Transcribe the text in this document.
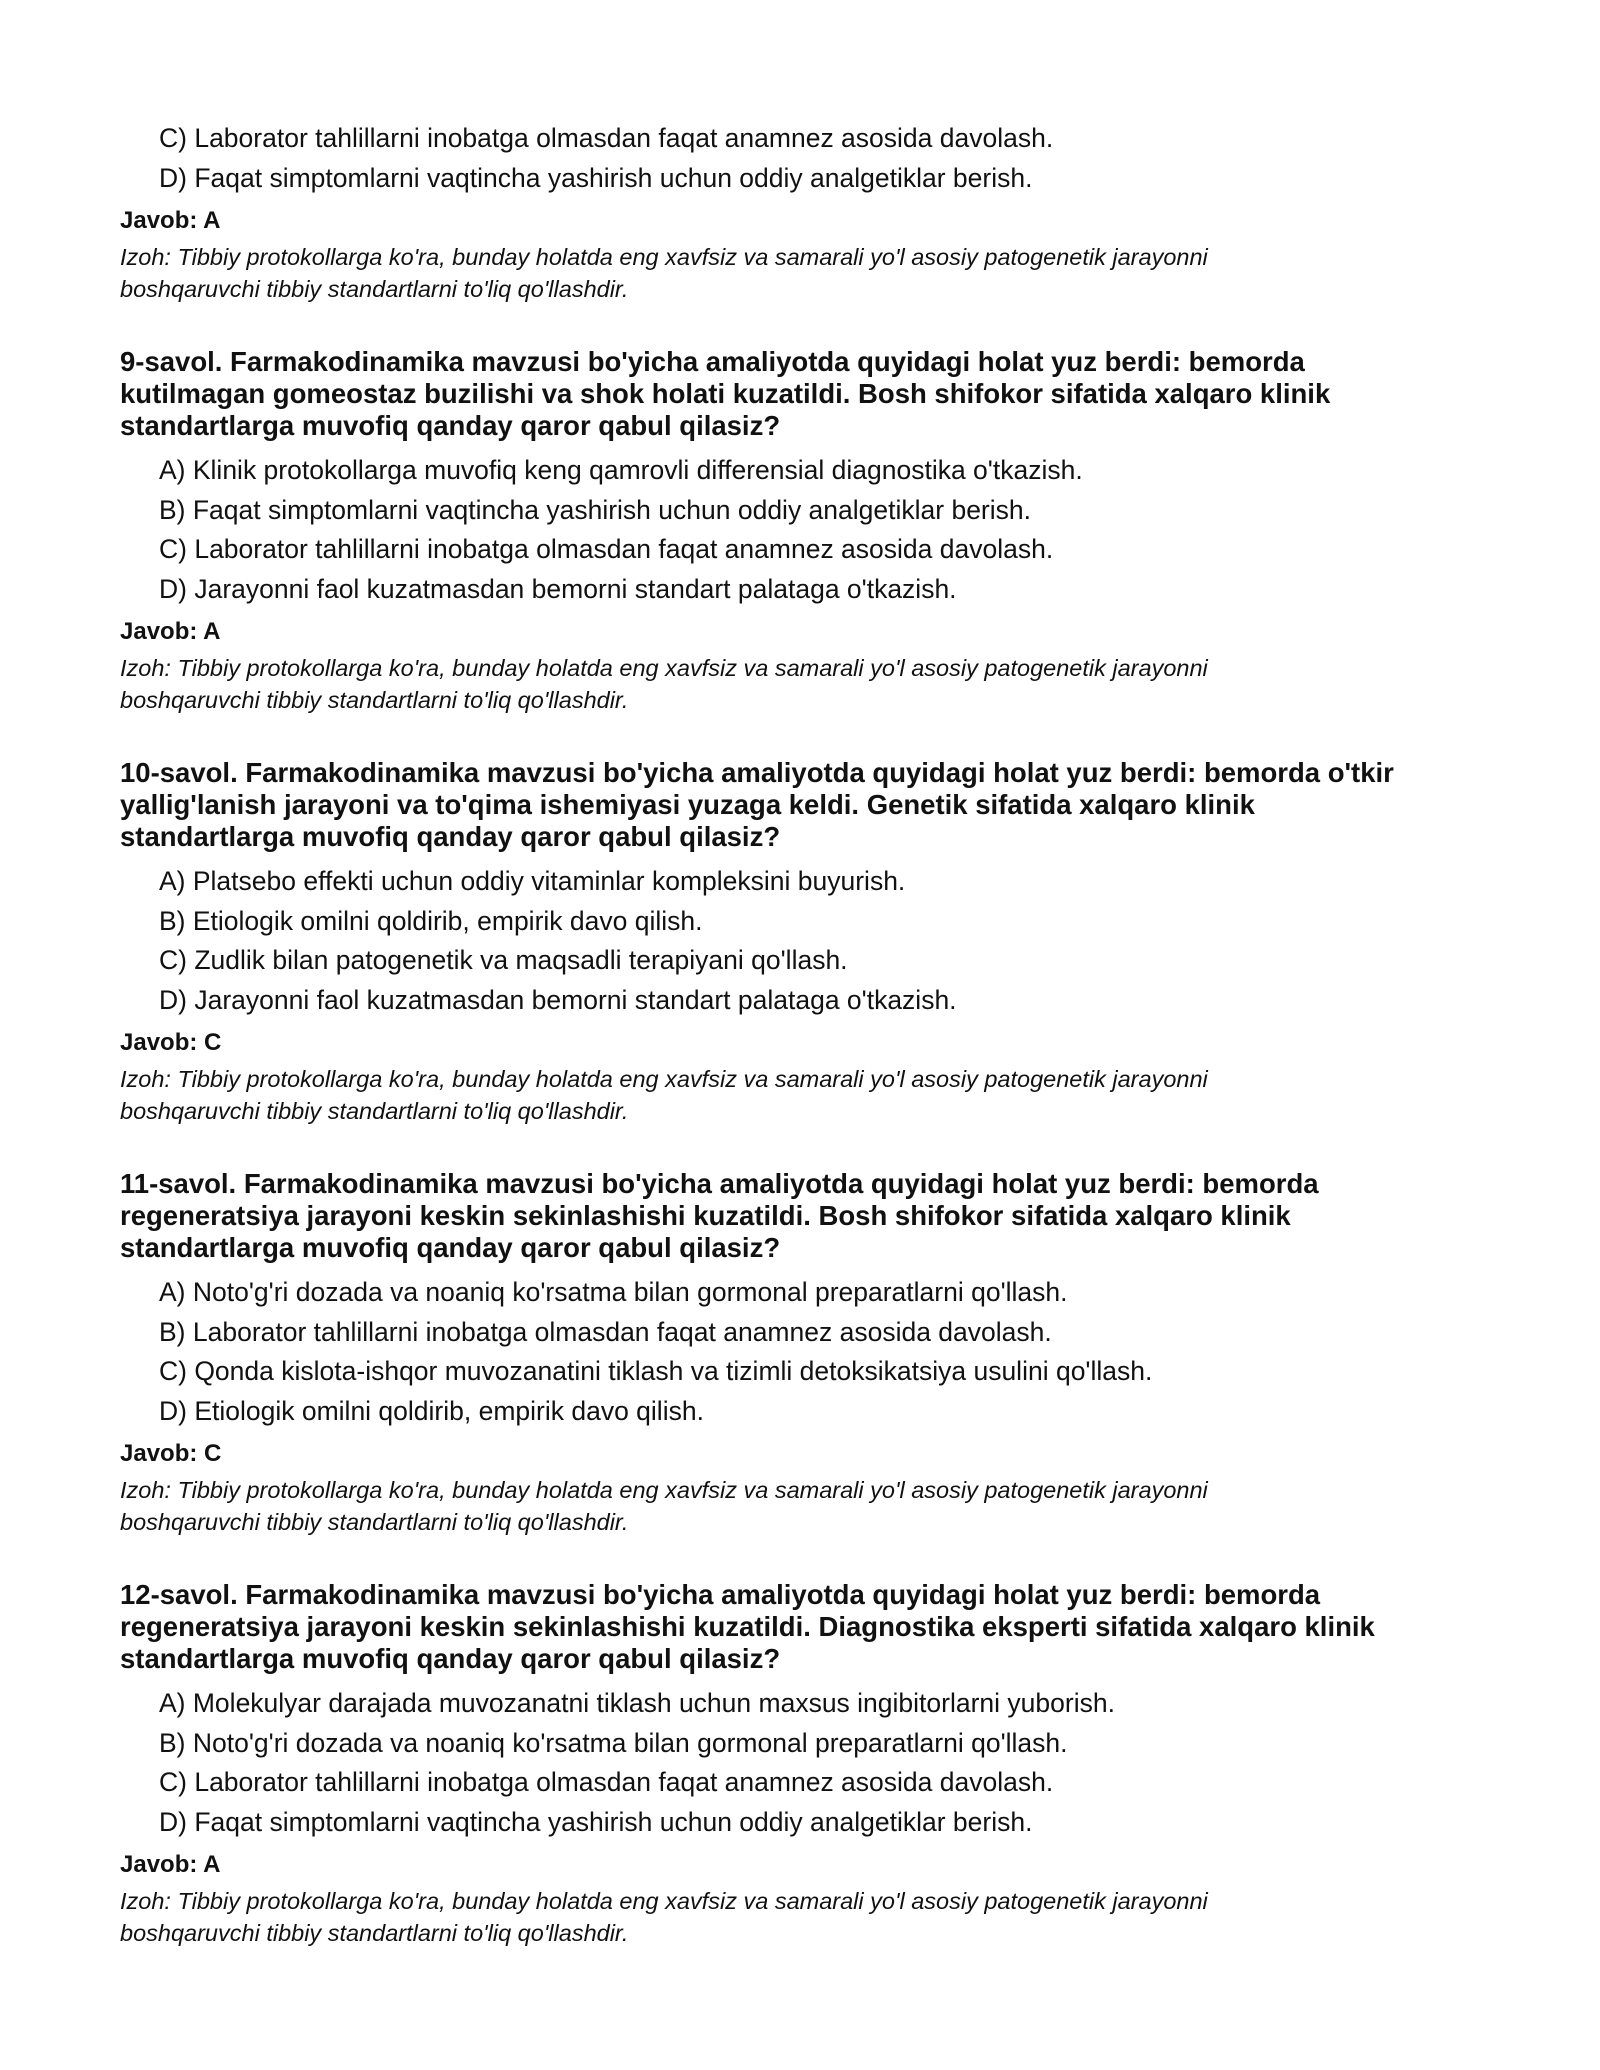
C) Laborator tahlillarni inobatga olmasdan faqat anamnez asosida davolash.
D) Faqat simptomlarni vaqtincha yashirish uchun oddiy analgetiklar berish.
Javob: A
Izoh: Tibbiy protokollarga ko'ra, bunday holatda eng xavfsiz va samarali yo'l asosiy patogenetik jarayonni
boshqaruvchi tibbiy standartlarni to'liq qo'llashdir.
9-savol. Farmakodinamika mavzusi bo'yicha amaliyotda quyidagi holat yuz berdi: bemorda
kutilmagan gomeostaz buzilishi va shok holati kuzatildi. Bosh shifokor sifatida xalqaro klinik
standartlarga muvofiq qanday qaror qabul qilasiz?
A) Klinik protokollarga muvofiq keng qamrovli differensial diagnostika o'tkazish.
B) Faqat simptomlarni vaqtincha yashirish uchun oddiy analgetiklar berish.
C) Laborator tahlillarni inobatga olmasdan faqat anamnez asosida davolash.
D) Jarayonni faol kuzatmasdan bemorni standart palataga o'tkazish.
Javob: A
Izoh: Tibbiy protokollarga ko'ra, bunday holatda eng xavfsiz va samarali yo'l asosiy patogenetik jarayonni
boshqaruvchi tibbiy standartlarni to'liq qo'llashdir.
10-savol. Farmakodinamika mavzusi bo'yicha amaliyotda quyidagi holat yuz berdi: bemorda o'tkir
yallig'lanish jarayoni va to'qima ishemiyasi yuzaga keldi. Genetik sifatida xalqaro klinik
standartlarga muvofiq qanday qaror qabul qilasiz?
A) Platsebo effekti uchun oddiy vitaminlar kompleksini buyurish.
B) Etiologik omilni qoldirib, empirik davo qilish.
C) Zudlik bilan patogenetik va maqsadli terapiyani qo'llash.
D) Jarayonni faol kuzatmasdan bemorni standart palataga o'tkazish.
Javob: C
Izoh: Tibbiy protokollarga ko'ra, bunday holatda eng xavfsiz va samarali yo'l asosiy patogenetik jarayonni
boshqaruvchi tibbiy standartlarni to'liq qo'llashdir.
11-savol. Farmakodinamika mavzusi bo'yicha amaliyotda quyidagi holat yuz berdi: bemorda
regeneratsiya jarayoni keskin sekinlashishi kuzatildi. Bosh shifokor sifatida xalqaro klinik
standartlarga muvofiq qanday qaror qabul qilasiz?
A) Noto'g'ri dozada va noaniq ko'rsatma bilan gormonal preparatlarni qo'llash.
B) Laborator tahlillarni inobatga olmasdan faqat anamnez asosida davolash.
C) Qonda kislota-ishqor muvozanatini tiklash va tizimli detoksikatsiya usulini qo'llash.
D) Etiologik omilni qoldirib, empirik davo qilish.
Javob: C
Izoh: Tibbiy protokollarga ko'ra, bunday holatda eng xavfsiz va samarali yo'l asosiy patogenetik jarayonni
boshqaruvchi tibbiy standartlarni to'liq qo'llashdir.
12-savol. Farmakodinamika mavzusi bo'yicha amaliyotda quyidagi holat yuz berdi: bemorda
regeneratsiya jarayoni keskin sekinlashishi kuzatildi. Diagnostika eksperti sifatida xalqaro klinik
standartlarga muvofiq qanday qaror qabul qilasiz?
A) Molekulyar darajada muvozanatni tiklash uchun maxsus ingibitorlarni yuborish.
B) Noto'g'ri dozada va noaniq ko'rsatma bilan gormonal preparatlarni qo'llash.
C) Laborator tahlillarni inobatga olmasdan faqat anamnez asosida davolash.
D) Faqat simptomlarni vaqtincha yashirish uchun oddiy analgetiklar berish.
Javob: A
Izoh: Tibbiy protokollarga ko'ra, bunday holatda eng xavfsiz va samarali yo'l asosiy patogenetik jarayonni
boshqaruvchi tibbiy standartlarni to'liq qo'llashdir.
